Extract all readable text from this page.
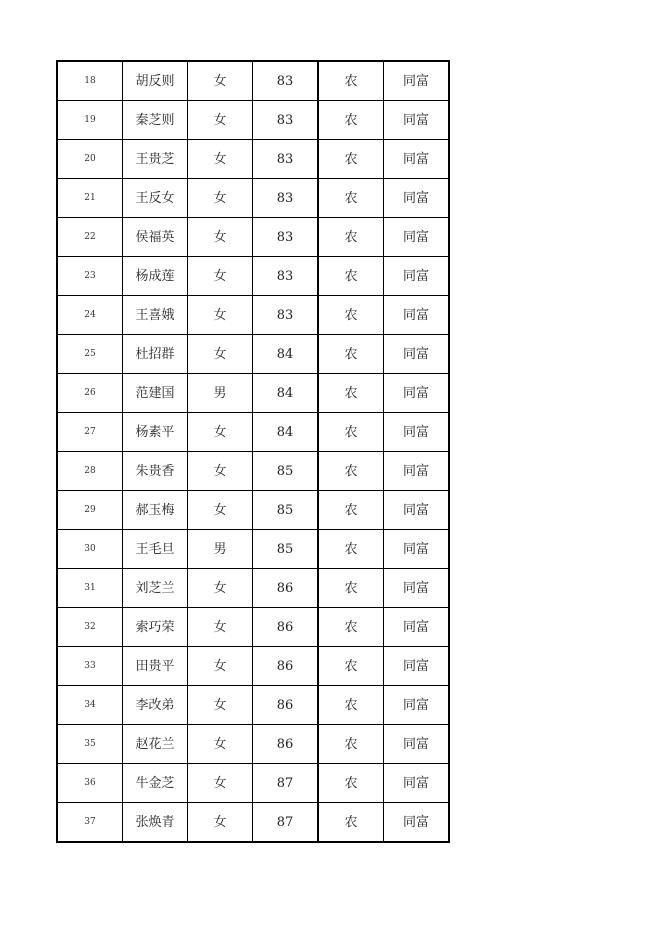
18	胡反则	女	83	农	同富
19	秦芝则	女	83	农	同富
20	王贵芝	女	83	农	同富
21	王反女	女	83	农	同富
22	侯福英	女	83	农	同富
23	杨成莲	女	83	农	同富
24	王喜娥	女	83	农	同富
25	杜招群	女	84	农	同富
26	范建国	男	84	农	同富
27	杨素平	女	84	农	同富
28	朱贵香	女	85	农	同富
29	郝玉梅	女	85	农	同富
30	王毛旦	男	85	农	同富
31	刘芝兰	女	86	农	同富
32	索巧荣	女	86	农	同富
33	田贵平	女	86	农	同富
34	李改弟	女	86	农	同富
35	赵花兰	女	86	农	同富
36	牛金芝	女	87	农	同富
37	张焕青	女	87	农	同富
